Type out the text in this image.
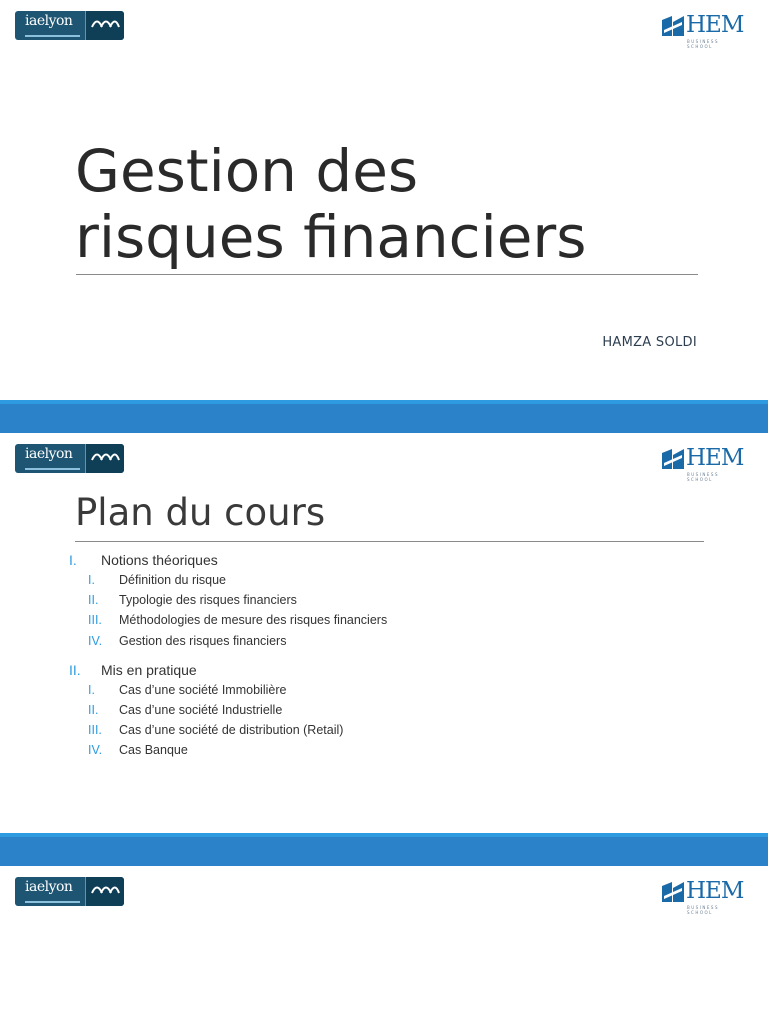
iaelyon	HEM
BUSINESS SCHOOL
Gestion des
risques financiers
HAMZA SOLDI
iaelyon	HEM
BUSINESS SCHOOL
Plan du cours
I. Notions théoriques
I. Définition du risque
II. Typologie des risques financiers
III. Méthodologies de mesure des risques financiers
IV. Gestion des risques financiers
II. Mis en pratique
I. Cas d’une société Immobilière
II. Cas d’une société Industrielle
III. Cas d’une société de distribution (Retail)
IV. Cas Banque
iaelyon	HEM
BUSINESS SCHOOL
